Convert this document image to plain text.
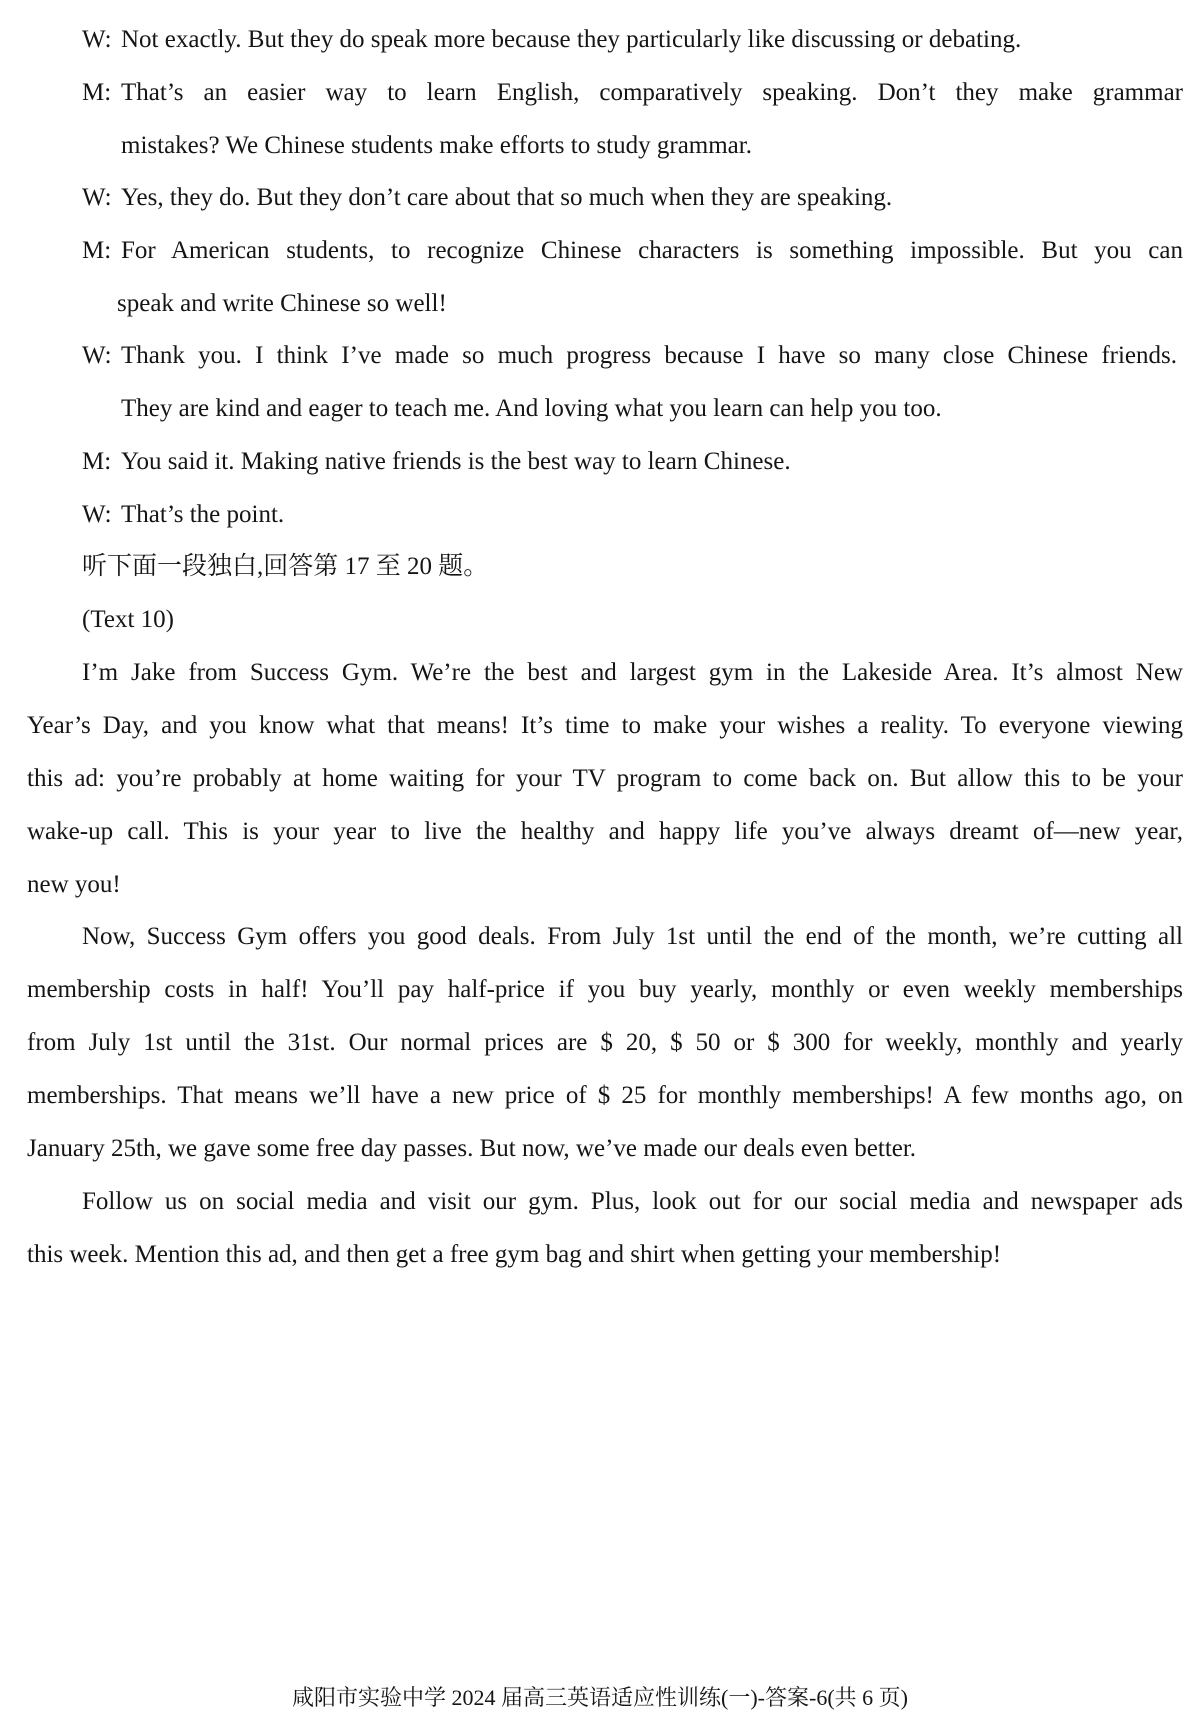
W: Not exactly. But they do speak more because they particularly like discussing or debating.
M: That’s an easier way to learn English, comparatively speaking. Don’t they make grammar
mistakes? We Chinese students make efforts to study grammar.
W: Yes, they do. But they don’t care about that so much when they are speaking.
M: For American students, to recognize Chinese characters is something impossible. But you can
speak and write Chinese so well!
W: Thank you. I think I’ve made so much progress because I have so many close Chinese friends.
They are kind and eager to teach me. And loving what you learn can help you too.
M: You said it. Making native friends is the best way to learn Chinese.
W: That’s the point.
听下面一段独白,回答第 17 至 20 题。
(Text 10)
I’m Jake from Success Gym. We’re the best and largest gym in the Lakeside Area. It’s almost New
Year’s Day, and you know what that means! It’s time to make your wishes a reality. To everyone viewing
this ad: you’re probably at home waiting for your TV program to come back on. But allow this to be your
wake-up call. This is your year to live the healthy and happy life you’ve always dreamt of—new year,
new you!
Now, Success Gym offers you good deals. From July 1st until the end of the month, we’re cutting all
membership costs in half! You’ll pay half-price if you buy yearly, monthly or even weekly memberships
from July 1st until the 31st. Our normal prices are $ 20, $ 50 or $ 300 for weekly, monthly and yearly
memberships. That means we’ll have a new price of $ 25 for monthly memberships! A few months ago, on
January 25th, we gave some free day passes. But now, we’ve made our deals even better.
Follow us on social media and visit our gym. Plus, look out for our social media and newspaper ads
this week. Mention this ad, and then get a free gym bag and shirt when getting your membership!
咸阳市实验中学 2024 届高三英语适应性训练(一)-答案-6(共 6 页)
